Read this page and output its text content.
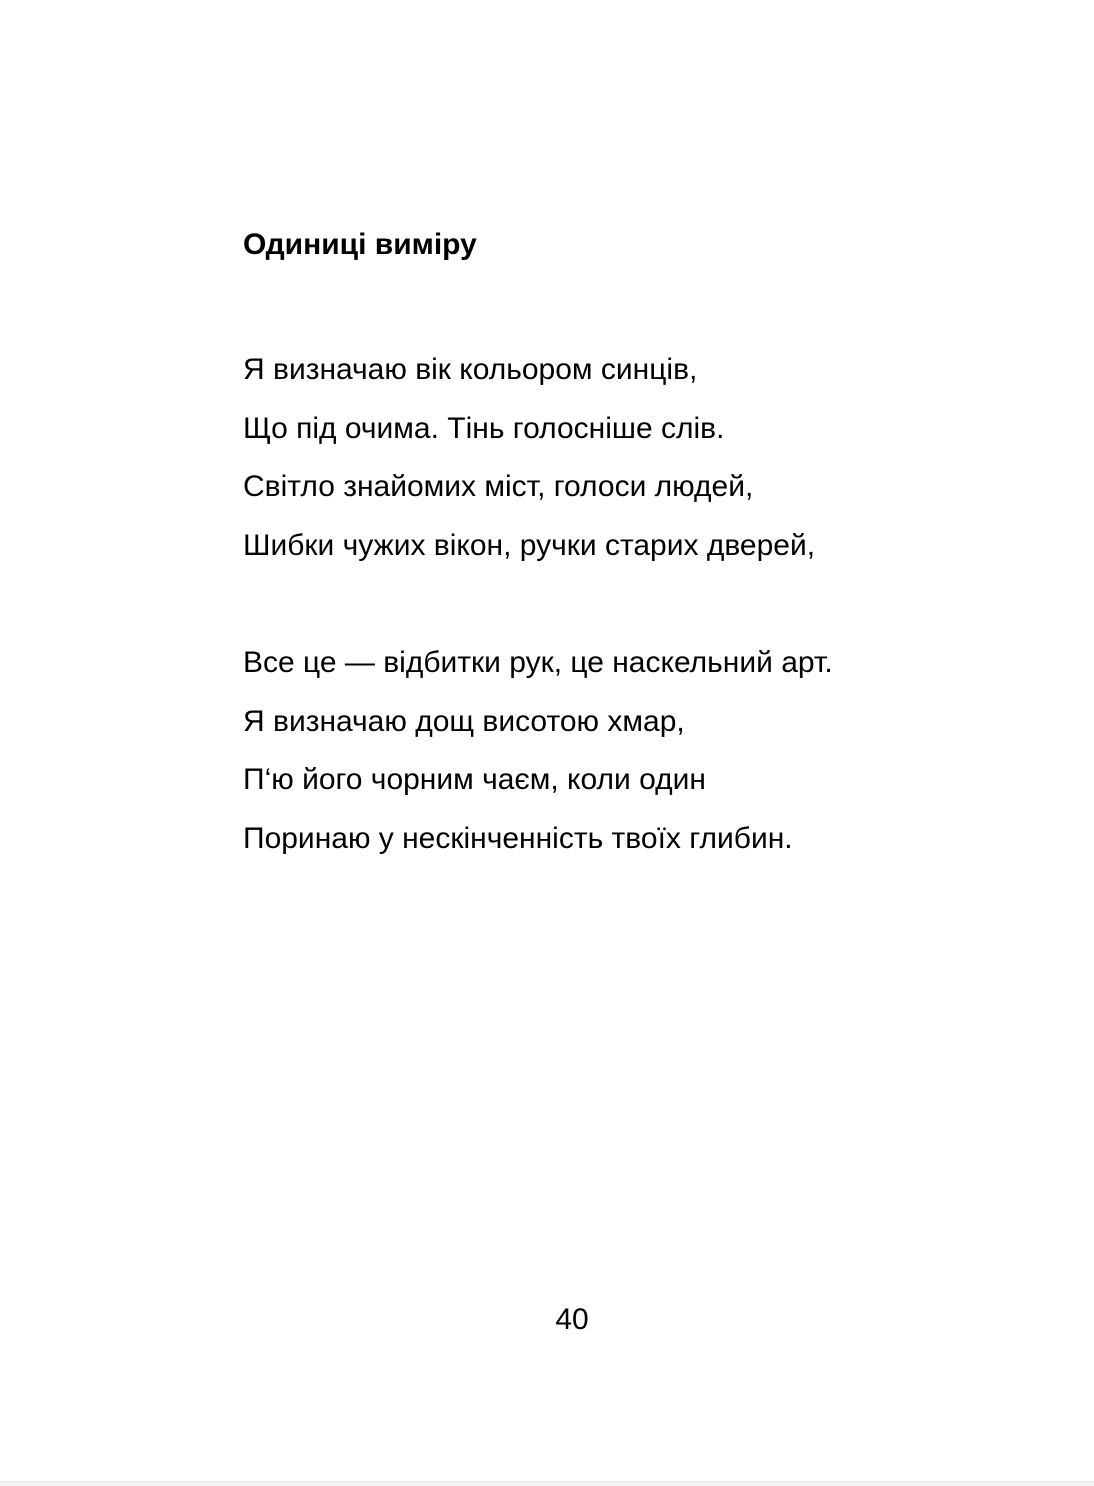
Одиниці виміру
Я визначаю вік кольором синців,
Що під очима. Тінь голосніше слів.
Світло знайомих міст, голоси людей,
Шибки чужих вікон, ручки старих дверей,
Все це — відбитки рук, це наскельний арт.
Я визначаю дощ висотою хмар,
П‘ю його чорним чаєм, коли один
Поринаю у нескінченність твоїх глибин.
40
